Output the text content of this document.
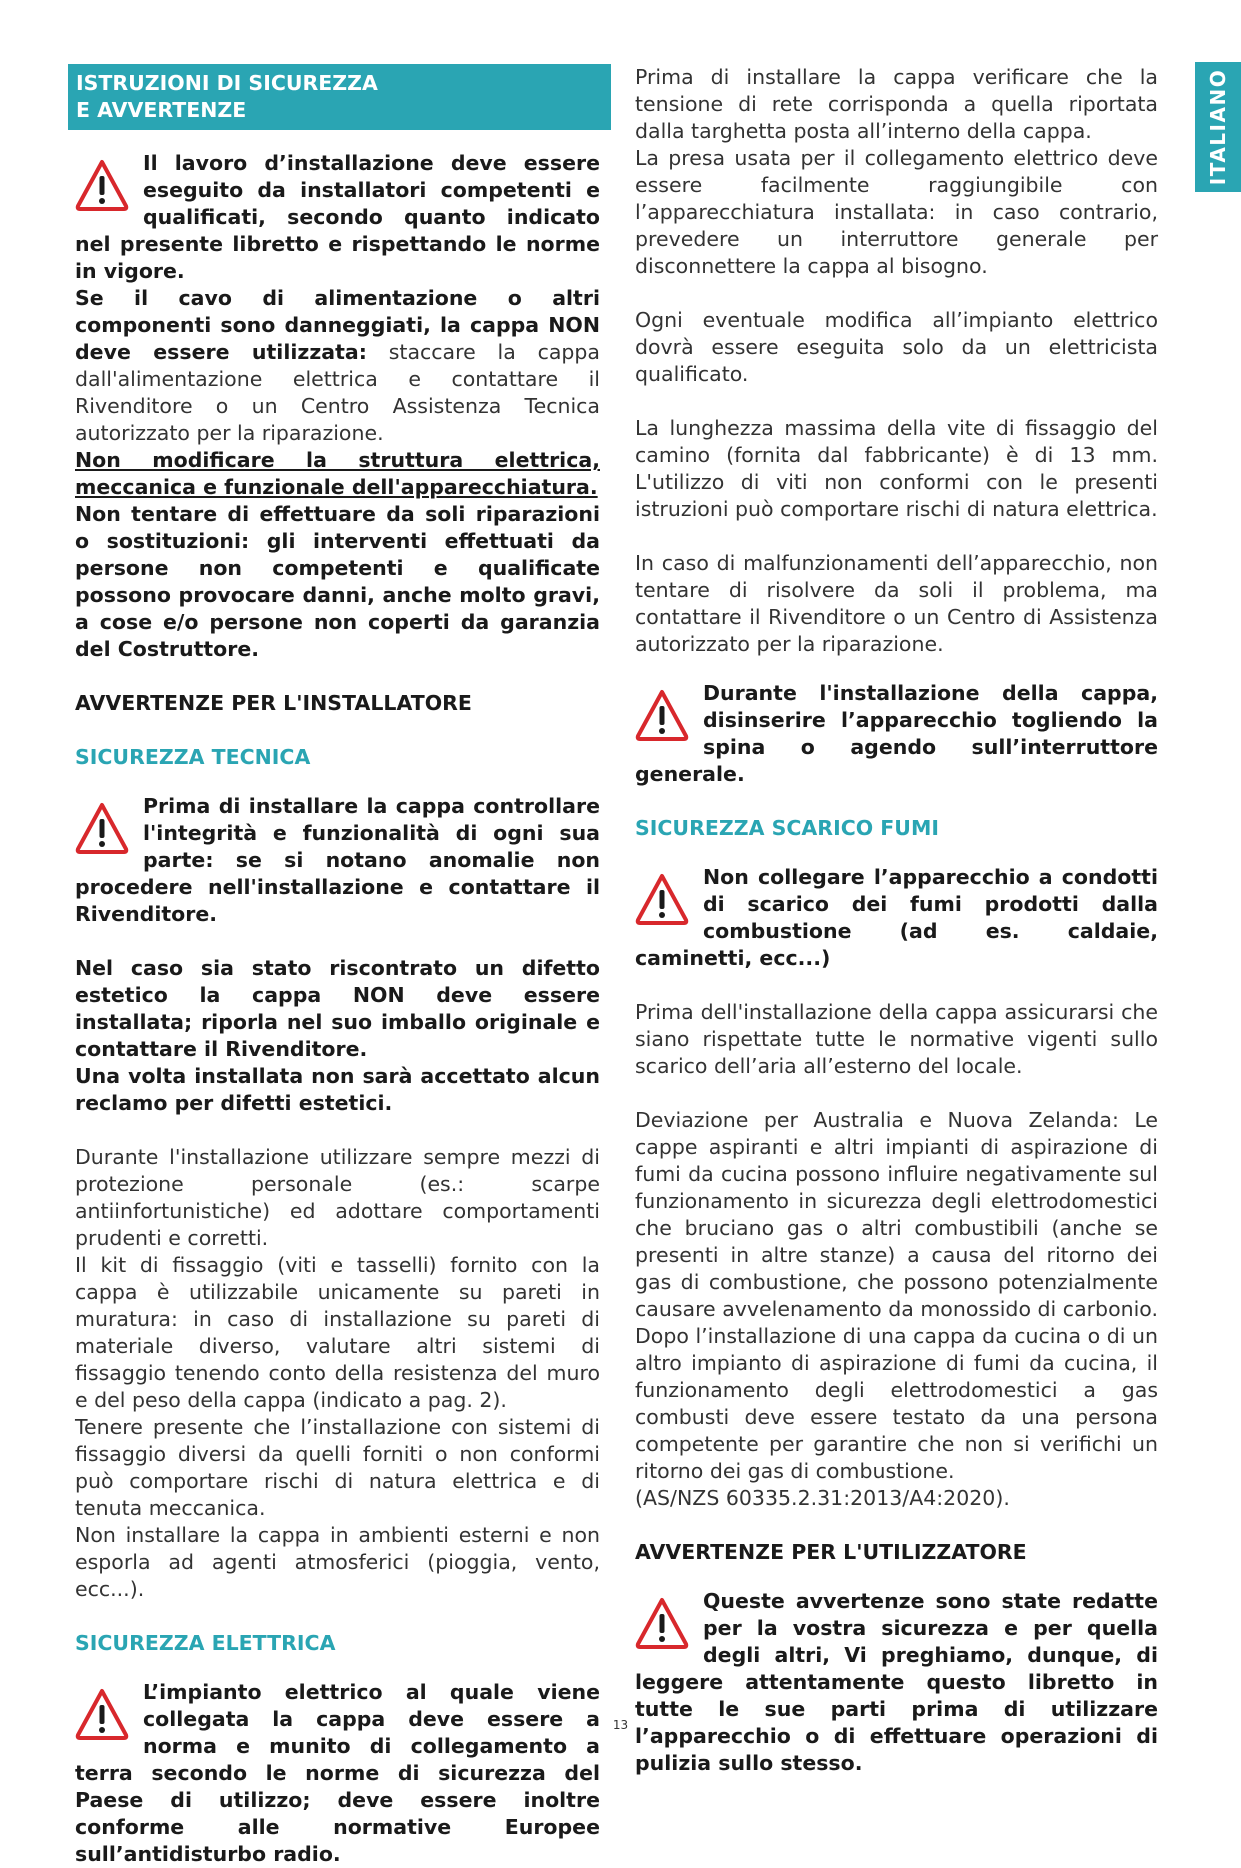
ITALIANO
ISTRUZIONI DI SICUREZZA
E AVVERTENZE

Il lavoro d’installazione deve essere eseguito da installatori competenti e qualificati, secondo quanto indicato nel presente libretto e rispettando le norme in vigore.

Se il cavo di alimentazione o altri componenti sono danneggiati, la cappa NON deve essere utilizzata: staccare la cappa dall'alimentazione elettrica e contattare il Rivenditore o un Centro Assistenza Tecnica autorizzato per la riparazione.

Non modificare la struttura elettrica, meccanica e funzionale dell'apparecchiatura.

Non tentare di effettuare da soli riparazioni o sostituzioni: gli interventi effettuati da persone non competenti e qualificate possono provocare danni, anche molto gravi, a cose e/o persone non coperti da garanzia del Costruttore.

AVVERTENZE PER L'INSTALLATORE

SICUREZZA TECNICA

Prima di installare la cappa controllare l'integrità e funzionalità di ogni sua parte: se si notano anomalie non procedere nell'installazione e contattare il Rivenditore.

Nel caso sia stato riscontrato un difetto estetico la cappa NON deve essere installata; riporla nel suo imballo originale e contattare il Rivenditore.

Una volta installata non sarà accettato alcun reclamo per difetti estetici.

Durante l'installazione utilizzare sempre mezzi di protezione personale (es.: scarpe antiinfortunistiche) ed adottare comportamenti prudenti e corretti.

Il kit di fissaggio (viti e tasselli) fornito con la cappa è utilizzabile unicamente su pareti in muratura: in caso di installazione su pareti di materiale diverso, valutare altri sistemi di fissaggio tenendo conto della resistenza del muro e del peso della cappa (indicato a pag. 2).

Tenere presente che l’installazione con sistemi di fissaggio diversi da quelli forniti o non conformi può comportare rischi di natura elettrica e di tenuta meccanica.

Non installare la cappa in ambienti esterni e non esporla ad agenti atmosferici (pioggia, vento, ecc...).

SICUREZZA ELETTRICA

L’impianto elettrico al quale viene collegata la cappa deve essere a norma e munito di collegamento a terra secondo le norme di sicurezza del Paese di utilizzo; deve essere inoltre conforme alle normative Europee sull’antidisturbo radio.

Prima di installare la cappa verificare che la tensione di rete corrisponda a quella riportata dalla targhetta posta all’interno della cappa.

La presa usata per il collegamento elettrico deve essere facilmente raggiungibile con l’apparecchiatura installata: in caso contrario, prevedere un interruttore generale per disconnettere la cappa al bisogno.

Ogni eventuale modifica all’impianto elettrico dovrà essere eseguita solo da un elettricista qualificato.

La lunghezza massima della vite di fissaggio del camino (fornita dal fabbricante) è di 13 mm. L'utilizzo di viti non conformi con le presenti istruzioni può comportare rischi di natura elettrica.

In caso di malfunzionamenti dell’apparecchio, non tentare di risolvere da soli il problema, ma contattare il Rivenditore o un Centro di Assistenza autorizzato per la riparazione.

Durante l'installazione della cappa, disinserire l’apparecchio togliendo la spina o agendo sull’interruttore generale.

SICUREZZA SCARICO FUMI

Non collegare l’apparecchio a condotti di scarico dei fumi prodotti dalla combustione (ad es. caldaie, caminetti, ecc...)

Prima dell'installazione della cappa assicurarsi che siano rispettate tutte le normative vigenti sullo scarico dell’aria all’esterno del locale.

Deviazione per Australia e Nuova Zelanda: Le cappe aspiranti e altri impianti di aspirazione di fumi da cucina possono influire negativamente sul funzionamento in sicurezza degli elettrodomestici che bruciano gas o altri combustibili (anche se presenti in altre stanze) a causa del ritorno dei gas di combustione, che possono potenzialmente causare avvelenamento da monossido di carbonio. Dopo l’installazione di una cappa da cucina o di un altro impianto di aspirazione di fumi da cucina, il funzionamento degli elettrodomestici a gas combusti deve essere testato da una persona competente per garantire che non si verifichi un ritorno dei gas di combustione.

(AS/NZS 60335.2.31:2013/A4:2020).

AVVERTENZE PER L'UTILIZZATORE

Queste avvertenze sono state redatte per la vostra sicurezza e per quella degli altri, Vi preghiamo, dunque, di leggere attentamente questo libretto in tutte le sue parti prima di utilizzare l’apparecchio o di effettuare operazioni di pulizia sullo stesso.

13
